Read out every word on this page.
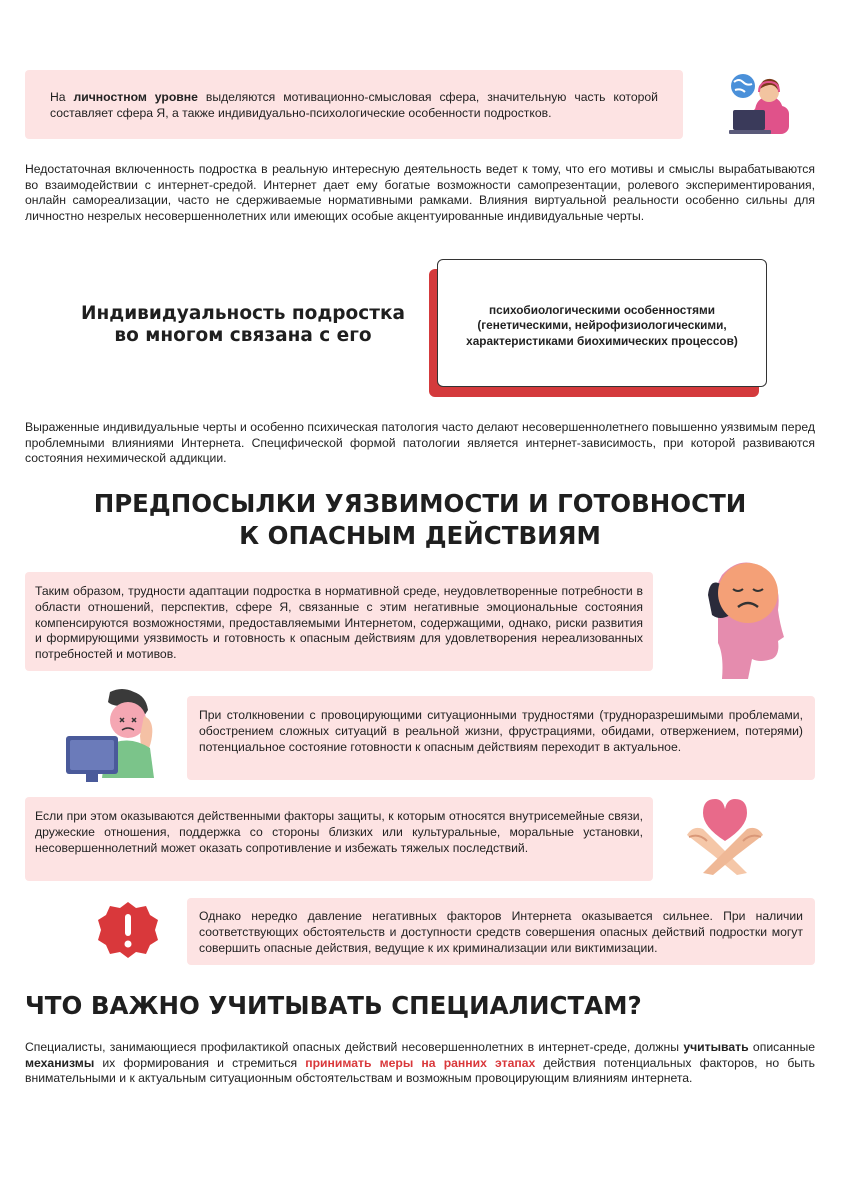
На личностном уровне выделяются мотивационно-смысловая сфера, значительную часть которой составляет сфера Я, а также индивидуально-психологические особенности подростков.

Недостаточная включенность подростка в реальную интересную деятельность ведет к тому, что его мотивы и смыслы вырабатываются во взаимодействии с интернет-средой. Интернет дает ему богатые возможности самопрезентации, ролевого экспериментирования, онлайн самореализации, часто не сдерживаемые нормативными рамками. Влияния виртуальной реальности особенно сильны для личностно незрелых несовершеннолетних или имеющих особые акцентуированные индивидуальные черты.

Индивидуальность подростка
во многом связана с его

психобиологическими особенностями (генетическими, нейрофизиологическими, характеристиками биохимических процессов)

Выраженные индивидуальные черты и особенно психическая патология часто делают несовершеннолетнего повышенно уязвимым перед проблемными влияниями Интернета. Специфической формой патологии является интернет-зависимость, при которой развиваются состояния нехимической аддикции.

ПРЕДПОСЫЛКИ УЯЗВИМОСТИ И ГОТОВНОСТИ
К ОПАСНЫМ ДЕЙСТВИЯМ

Таким образом, трудности адаптации подростка в нормативной среде, неудовлетворенные потребности в области отношений, перспектив, сфере Я, связанные с этим негативные эмоциональные состояния компенсируются возможностями, предоставляемыми Интернетом, содержащими, однако, риски развития и формирующими уязвимость и готовность к опасным действиям для удовлетворения нереализованных потребностей и мотивов.

При столкновении с провоцирующими ситуационными трудностями (трудноразрешимыми проблемами, обострением сложных ситуаций в реальной жизни, фрустрациями, обидами, отвержением, потерями) потенциальное состояние готовности к опасным действиям переходит в актуальное.

Если при этом оказываются действенными факторы защиты, к которым относятся внутрисемейные связи, дружеские отношения, поддержка со стороны близких или культуральные, моральные установки, несовершеннолетний может оказать сопротивление и избежать тяжелых последствий.

Однако нередко давление негативных факторов Интернета оказывается сильнее. При наличии соответствующих обстоятельств и доступности средств совершения опасных действий подростки могут совершить опасные действия, ведущие к их криминализации или виктимизации.

ЧТО ВАЖНО УЧИТЫВАТЬ СПЕЦИАЛИСТАМ?

Специалисты, занимающиеся профилактикой опасных действий несовершеннолетних в интернет-среде, должны учитывать описанные механизмы их формирования и стремиться принимать меры на ранних этапах действия потенциальных факторов, но быть внимательными и к актуальным ситуационным обстоятельствам и возможным провоцирующим влияниям интернета.
